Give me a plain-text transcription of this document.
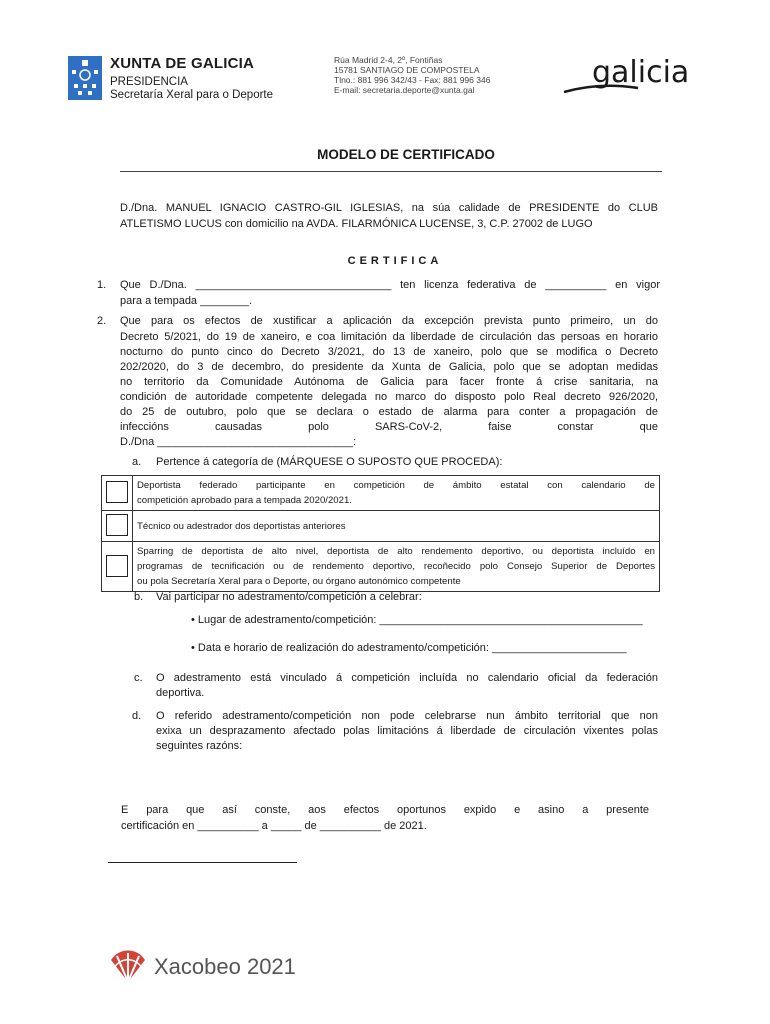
XUNTA DE GALICIA
PRESIDENCIA
Secretaría Xeral para o Deporte
Rúa Madrid 2-4, 2º, Fontiñas
15781 SANTIAGO DE COMPOSTELA
Tlno.: 881 996 342/43 - Fax: 881 996 346
E-mail: secretaria.deporte@xunta.gal	galicia
MODELO DE CERTIFICADO
D./Dna. MANUEL IGNACIO CASTRO-GIL IGLESIAS, na súa calidade de PRESIDENTE do CLUB
ATLETISMO LUCUS con domicilio na AVDA. FILARMÓNICA LUCENSE, 3, C.P. 27002 de LUGO
CERTIFICA
1. Que D./Dna. ________________________________ ten licenza federativa de __________ en vigor
para a tempada ________.
2. Que para os efectos de xustificar a aplicación da excepción prevista punto primeiro, un do
Decreto 5/2021, do 19 de xaneiro, e coa limitación da liberdade de circulación das persoas en horario
nocturno do punto cinco do Decreto 3/2021, do 13 de xaneiro, polo que se modifica o Decreto
202/2020, do 3 de decembro, do presidente da Xunta de Galicia, polo que se adoptan medidas
no territorio da Comunidade Autónoma de Galicia para facer fronte á crise sanitaria, na
condición de autoridade competente delegada no marco do disposto polo Real decreto 926/2020,
do 25 de outubro, polo que se declara o estado de alarma para conter a propagación de
infeccións causadas polo SARS-CoV-2, faise constar que
D./Dna ________________________________:
a. Pertence á categoría de (MÁRQUESE O SUPOSTO QUE PROCEDA):

	Deportista federado participante en competición de ámbito estatal con calendario de
competición aprobado para a tempada 2020/2021.

	Técnico ou adestrador dos deportistas anteriores

	Sparring de deportista de alto nivel, deportista de alto rendemento deportivo, ou deportista incluído en
programas de tecnificación ou de rendemento deportivo, recoñecido polo Consejo Superior de Deportes
ou pola Secretaría Xeral para o Deporte, ou órgano autonómico competente
b. Vai participar no adestramento/competición a celebrar:
• Lugar de adestramento/competición: ___________________________________________
• Data e horario de realización do adestramento/competición: ______________________
c. O adestramento está vinculado á competición incluída no calendario oficial da federación
deportiva.
d. O referido adestramento/competición non pode celebrarse nun ámbito territorial que non
exixa un desprazamento afectado polas limitacións á liberdade de circulación vixentes polas
seguintes razóns:
E para que así conste, aos efectos oportunos expido e asino a presente
certificación en __________ a _____ de __________ de 2021.
Xacobeo 2021
